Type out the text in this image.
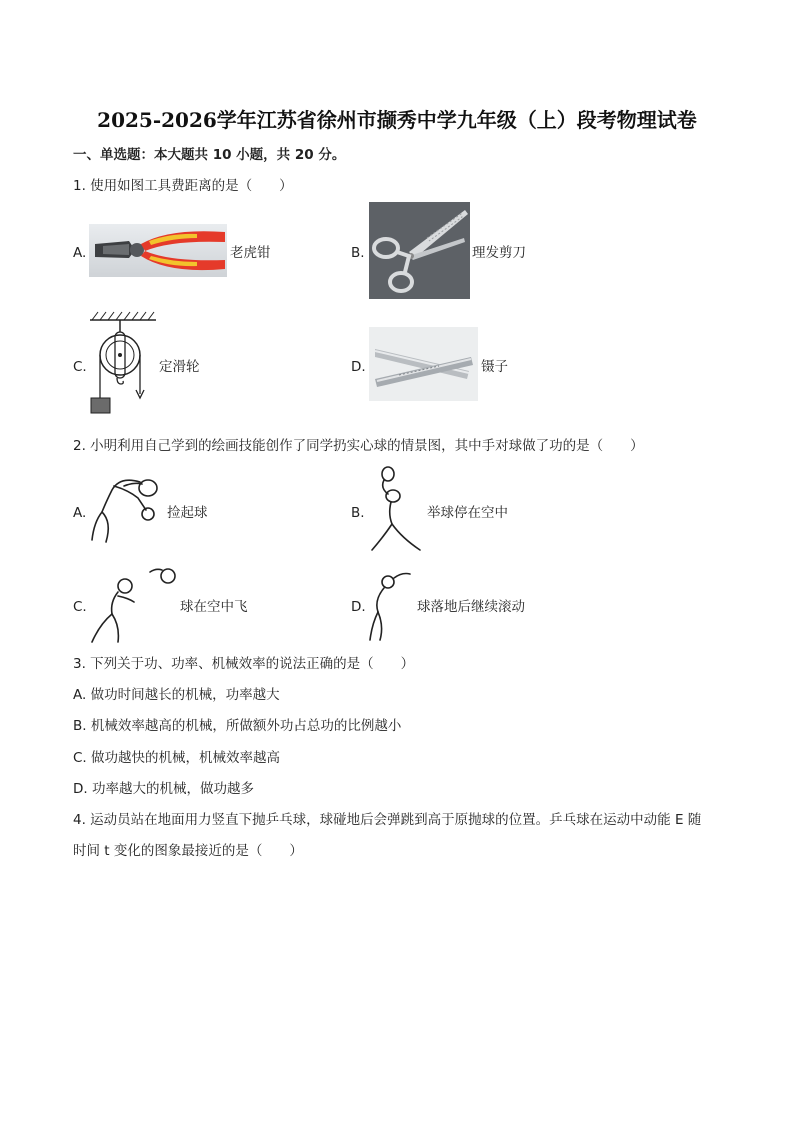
2025-2026学年江苏省徐州市撷秀中学九年级（上）段考物理试卷
一、单选题：本大题共 10 小题，共 20 分。
1. 使用如图工具费距离的是（　　）
A.	老虎钳	B.	理发剪刀
C.	定滑轮	D.	镊子
2. 小明利用自己学到的绘画技能创作了同学扔实心球的情景图，其中手对球做了功的是（　　）
A.	捡起球	B.	举球停在空中
C.	球在空中飞	D.	球落地后继续滚动
3. 下列关于功、功率、机械效率的说法正确的是（　　）
A. 做功时间越长的机械，功率越大
B. 机械效率越高的机械，所做额外功占总功的比例越小
C. 做功越快的机械，机械效率越高
D. 功率越大的机械，做功越多
4. 运动员站在地面用力竖直下抛乒乓球，球碰地后会弹跳到高于原抛球的位置。乒乓球在运动中动能 E 随
时间 t 变化的图象最接近的是（　　）
